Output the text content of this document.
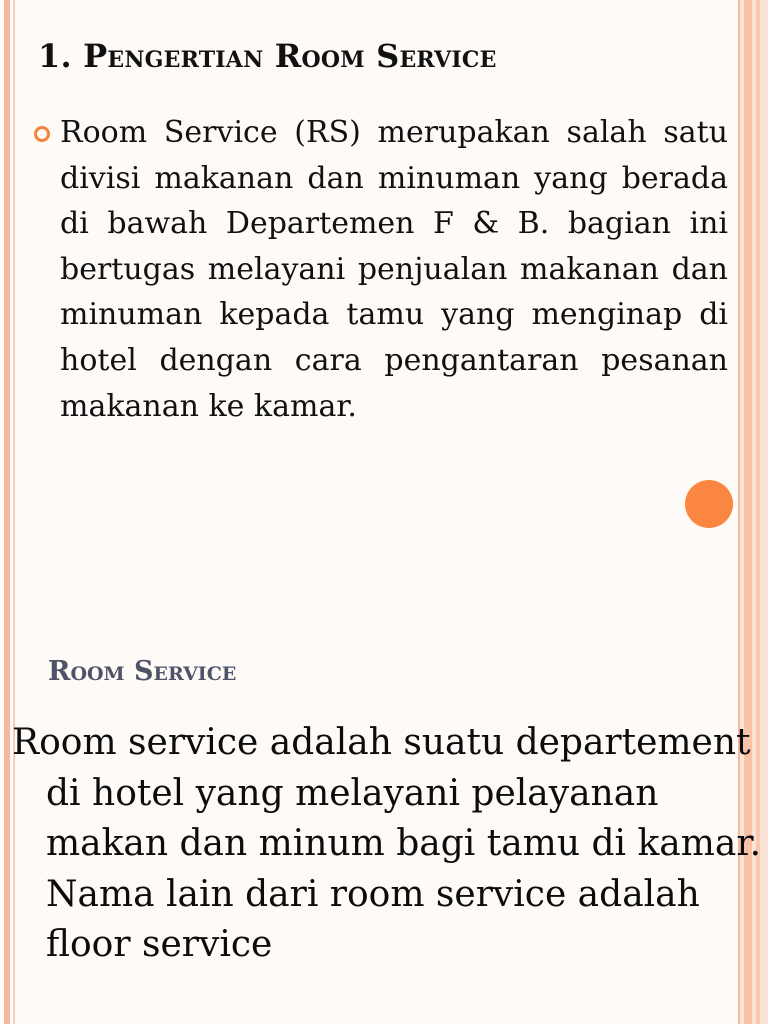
1. Pengertian Room Service

Room Service (RS) merupakan salah satu divisi makanan dan minuman yang berada di bawah Departemen F & B. bagian ini bertugas melayani penjualan makanan dan minuman kepada tamu yang menginap di hotel dengan cara pengantaran pesanan makanan ke kamar.

Room Service

Room service adalah suatu departement di hotel yang melayani pelayanan makan dan minum bagi tamu di kamar. Nama lain dari room service adalah floor service
